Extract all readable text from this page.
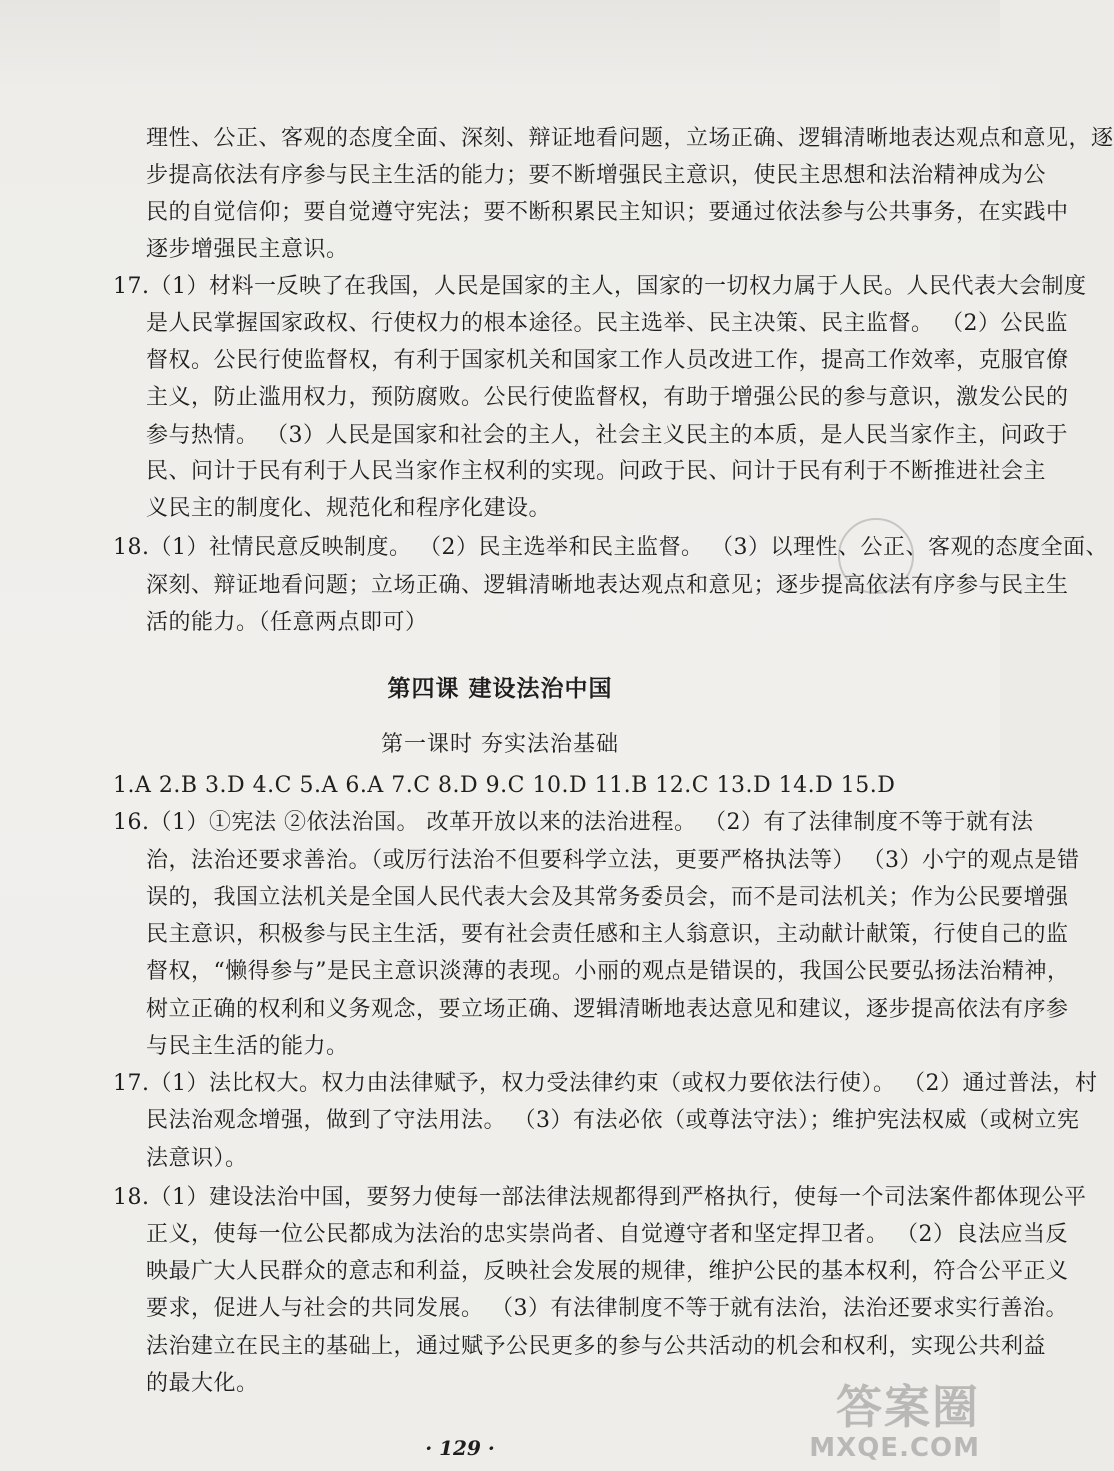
理性、公正、客观的态度全面、深刻、辩证地看问题，立场正确、逻辑清晰地表达观点和意见，逐
步提高依法有序参与民主生活的能力；要不断增强民主意识，使民主思想和法治精神成为公
民的自觉信仰；要自觉遵守宪法；要不断积累民主知识；要通过依法参与公共事务，在实践中
逐步增强民主意识。
17.（1）材料一反映了在我国，人民是国家的主人，国家的一切权力属于人民。人民代表大会制度
是人民掌握国家政权、行使权力的根本途径。民主选举、民主决策、民主监督。 （2）公民监
督权。公民行使监督权，有利于国家机关和国家工作人员改进工作，提高工作效率，克服官僚
主义，防止滥用权力，预防腐败。公民行使监督权，有助于增强公民的参与意识，激发公民的
参与热情。 （3）人民是国家和社会的主人，社会主义民主的本质，是人民当家作主，问政于
民、问计于民有利于人民当家作主权利的实现。问政于民、问计于民有利于不断推进社会主
义民主的制度化、规范化和程序化建设。
18.（1）社情民意反映制度。 （2）民主选举和民主监督。 （3）以理性、公正、客观的态度全面、
深刻、辩证地看问题；立场正确、逻辑清晰地表达观点和意见；逐步提高依法有序参与民主生
活的能力。（任意两点即可）
第四课 建设法治中国
第一课时 夯实法治基础
1.A 2.B 3.D 4.C 5.A 6.A 7.C 8.D 9.C 10.D 11.B 12.C 13.D 14.D 15.D
16.（1）①宪法 ②依法治国。 改革开放以来的法治进程。 （2）有了法律制度不等于就有法
治，法治还要求善治。（或厉行法治不但要科学立法，更要严格执法等） （3）小宁的观点是错
误的，我国立法机关是全国人民代表大会及其常务委员会，而不是司法机关；作为公民要增强
民主意识，积极参与民主生活，要有社会责任感和主人翁意识，主动献计献策，行使自己的监
督权，“懒得参与”是民主意识淡薄的表现。小丽的观点是错误的，我国公民要弘扬法治精神，
树立正确的权利和义务观念，要立场正确、逻辑清晰地表达意见和建议，逐步提高依法有序参
与民主生活的能力。
17.（1）法比权大。权力由法律赋予，权力受法律约束（或权力要依法行使）。 （2）通过普法，村
民法治观念增强，做到了守法用法。 （3）有法必依（或尊法守法）；维护宪法权威（或树立宪
法意识）。
18.（1）建设法治中国，要努力使每一部法律法规都得到严格执行，使每一个司法案件都体现公平
正义，使每一位公民都成为法治的忠实崇尚者、自觉遵守者和坚定捍卫者。 （2）良法应当反
映最广大人民群众的意志和利益，反映社会发展的规律，维护公民的基本权利，符合公平正义
要求，促进人与社会的共同发展。 （3）有法律制度不等于就有法治，法治还要求实行善治。
法治建立在民主的基础上，通过赋予公民更多的参与公共活动的机会和权利，实现公共利益
的最大化。
· 129 ·
答案圈
MXQE.COM
